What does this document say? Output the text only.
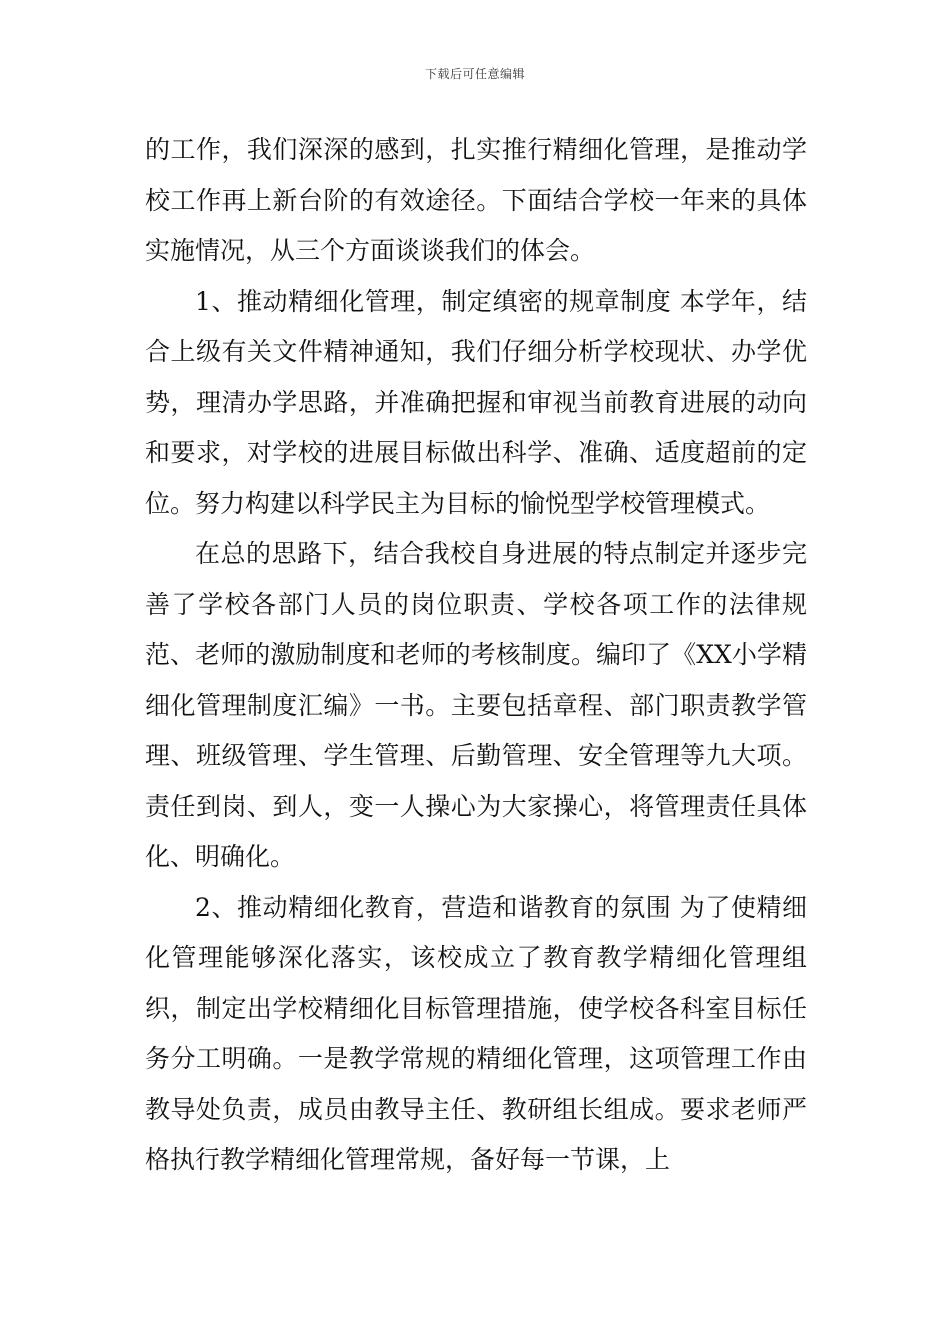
下载后可任意编辑

的工作，我们深深的感到，扎实推行精细化管理，是推动学校工作再上新台阶的有效途径。下面结合学校一年来的具体实施情况，从三个方面谈谈我们的体会。

1、推动精细化管理，制定缜密的规章制度 本学年，结合上级有关文件精神通知，我们仔细分析学校现状、办学优势，理清办学思路，并准确把握和审视当前教育进展的动向和要求，对学校的进展目标做出科学、准确、适度超前的定位。努力构建以科学民主为目标的愉悦型学校管理模式。

在总的思路下，结合我校自身进展的特点制定并逐步完善了学校各部门人员的岗位职责、学校各项工作的法律规范、老师的激励制度和老师的考核制度。编印了《XX小学精细化管理制度汇编》一书。主要包括章程、部门职责教学管理、班级管理、学生管理、后勤管理、安全管理等九大项。责任到岗、到人，变一人操心为大家操心，将管理责任具体化、明确化。

2、推动精细化教育，营造和谐教育的氛围 为了使精细化管理能够深化落实，该校成立了教育教学精细化管理组织，制定出学校精细化目标管理措施，使学校各科室目标任务分工明确。一是教学常规的精细化管理，这项管理工作由教导处负责，成员由教导主任、教研组长组成。要求老师严格执行教学精细化管理常规，备好每一节课，上
